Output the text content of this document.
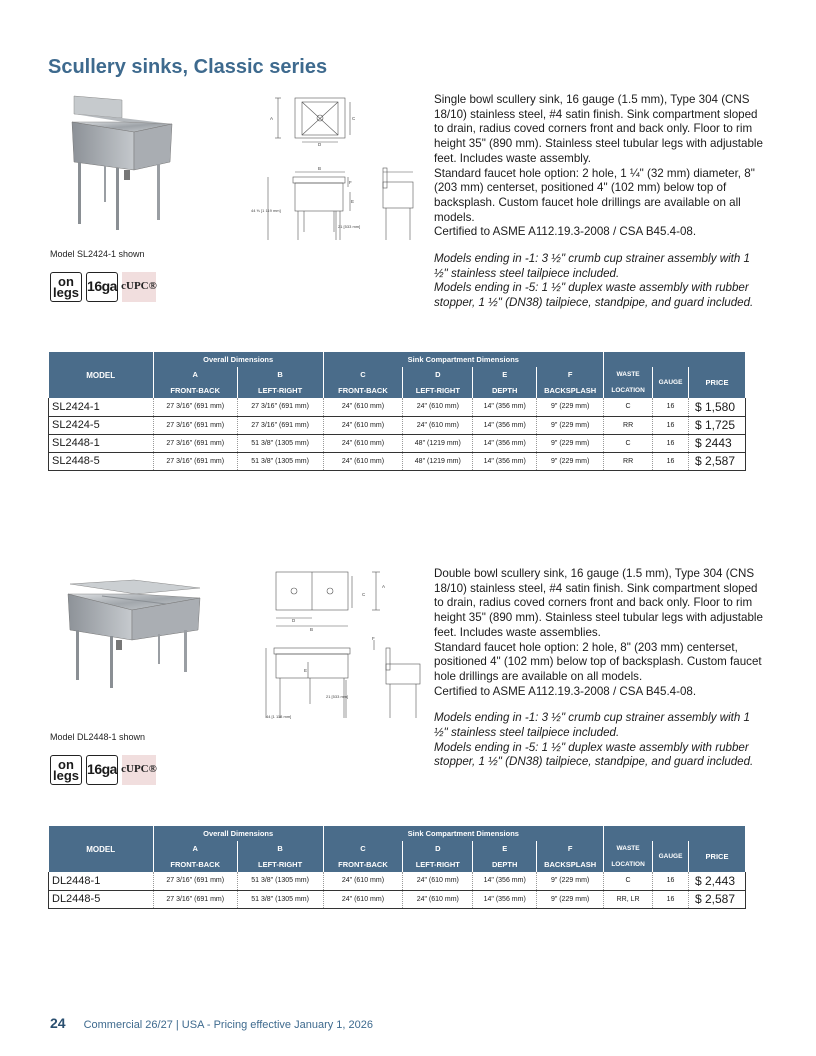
Scullery sinks, Classic series
Model SL2424-1 shown
on
legs 16ga cUPC®
A	C
D
B
F
E
44 ⅜ [1 119 mm]
21 [533 mm]

Single bowl scullery sink, 16 gauge (1.5 mm), Type 304 (CNS 18/10) stainless steel, #4 satin finish. Sink compartment sloped to drain, radius coved corners front and back only. Floor to rim height 35" (890 mm). Stainless steel tubular legs with adjustable feet. Includes waste assembly.

Standard faucet hole option: 2 hole, 1 ¼" (32 mm) diameter, 8" (203 mm) centerset, positioned 4" (102 mm) below top of backsplash. Custom faucet hole drillings are available on all models.

Certified to ASME A112.19.3-2008 / CSA B45.4-08.

Models ending in -1: 3 ½" crumb cup strainer assembly with 1 ½" stainless steel tailpiece included.

Models ending in -5: 1 ½" duplex waste assembly with rubber stopper, 1 ½" (DN38) tailpiece, standpipe, and guard included.

MODEL	Overall Dimensions		Sink Compartment Dimensions						
	A	B	C	D	E	F	WASTE	GAUGE	PRICE
	FRONT-BACK	LEFT-RIGHT	FRONT-BACK	LEFT-RIGHT	DEPTH	BACKSPLASH	LOCATION		
SL2424-1	27 3/16" (691 mm)	27 3/16" (691 mm)	24" (610 mm)	24" (610 mm)	14" (356 mm)	9" (229 mm)	C	16	$ 1,580
SL2424-5	27 3/16" (691 mm)	27 3/16" (691 mm)	24" (610 mm)	24" (610 mm)	14" (356 mm)	9" (229 mm)	RR	16	$ 1,725
SL2448-1	27 3/16" (691 mm)	51 3/8" (1305 mm)	24" (610 mm)	48" (1219 mm)	14" (356 mm)	9" (229 mm)	C	16	$ 2443
SL2448-5	27 3/16" (691 mm)	51 3/8" (1305 mm)	24" (610 mm)	48" (1219 mm)	14" (356 mm)	9" (229 mm)	RR	16	$ 2,587
Model DL2448-1 shown
on
legs 16ga cUPC®
A
C
D
B
E
21 [533 mm]
44 [1 118 mm]
F

Double bowl scullery sink, 16 gauge (1.5 mm), Type 304 (CNS 18/10) stainless steel, #4 satin finish. Sink compartment sloped to drain, radius coved corners front and back only. Floor to rim height 35" (890 mm). Stainless steel tubular legs with adjustable feet. Includes waste assemblies.

Standard faucet hole option: 2 hole, 8" (203 mm) centerset, positioned 4" (102 mm) below top of backsplash. Custom faucet hole drillings are available on all models.

Certified to ASME A112.19.3-2008 / CSA B45.4-08.

Models ending in -1: 3 ½" crumb cup strainer assembly with 1 ½" stainless steel tailpiece included.

Models ending in -5: 1 ½" duplex waste assembly with rubber stopper, 1 ½" (DN38) tailpiece, standpipe, and guard included.

MODEL	Overall Dimensions		Sink Compartment Dimensions						
	A	B	C	D	E	F	WASTE	GAUGE	PRICE
	FRONT-BACK	LEFT-RIGHT	FRONT-BACK	LEFT-RIGHT	DEPTH	BACKSPLASH	LOCATION		
DL2448-1	27 3/16" (691 mm)	51 3/8" (1305 mm)	24" (610 mm)	24" (610 mm)	14" (356 mm)	9" (229 mm)	C	16	$ 2,443
DL2448-5	27 3/16" (691 mm)	51 3/8" (1305 mm)	24" (610 mm)	24" (610 mm)	14" (356 mm)	9" (229 mm)	RR, LR	16	$ 2,587
24 Commercial 26/27 | USA - Pricing effective January 1, 2026
